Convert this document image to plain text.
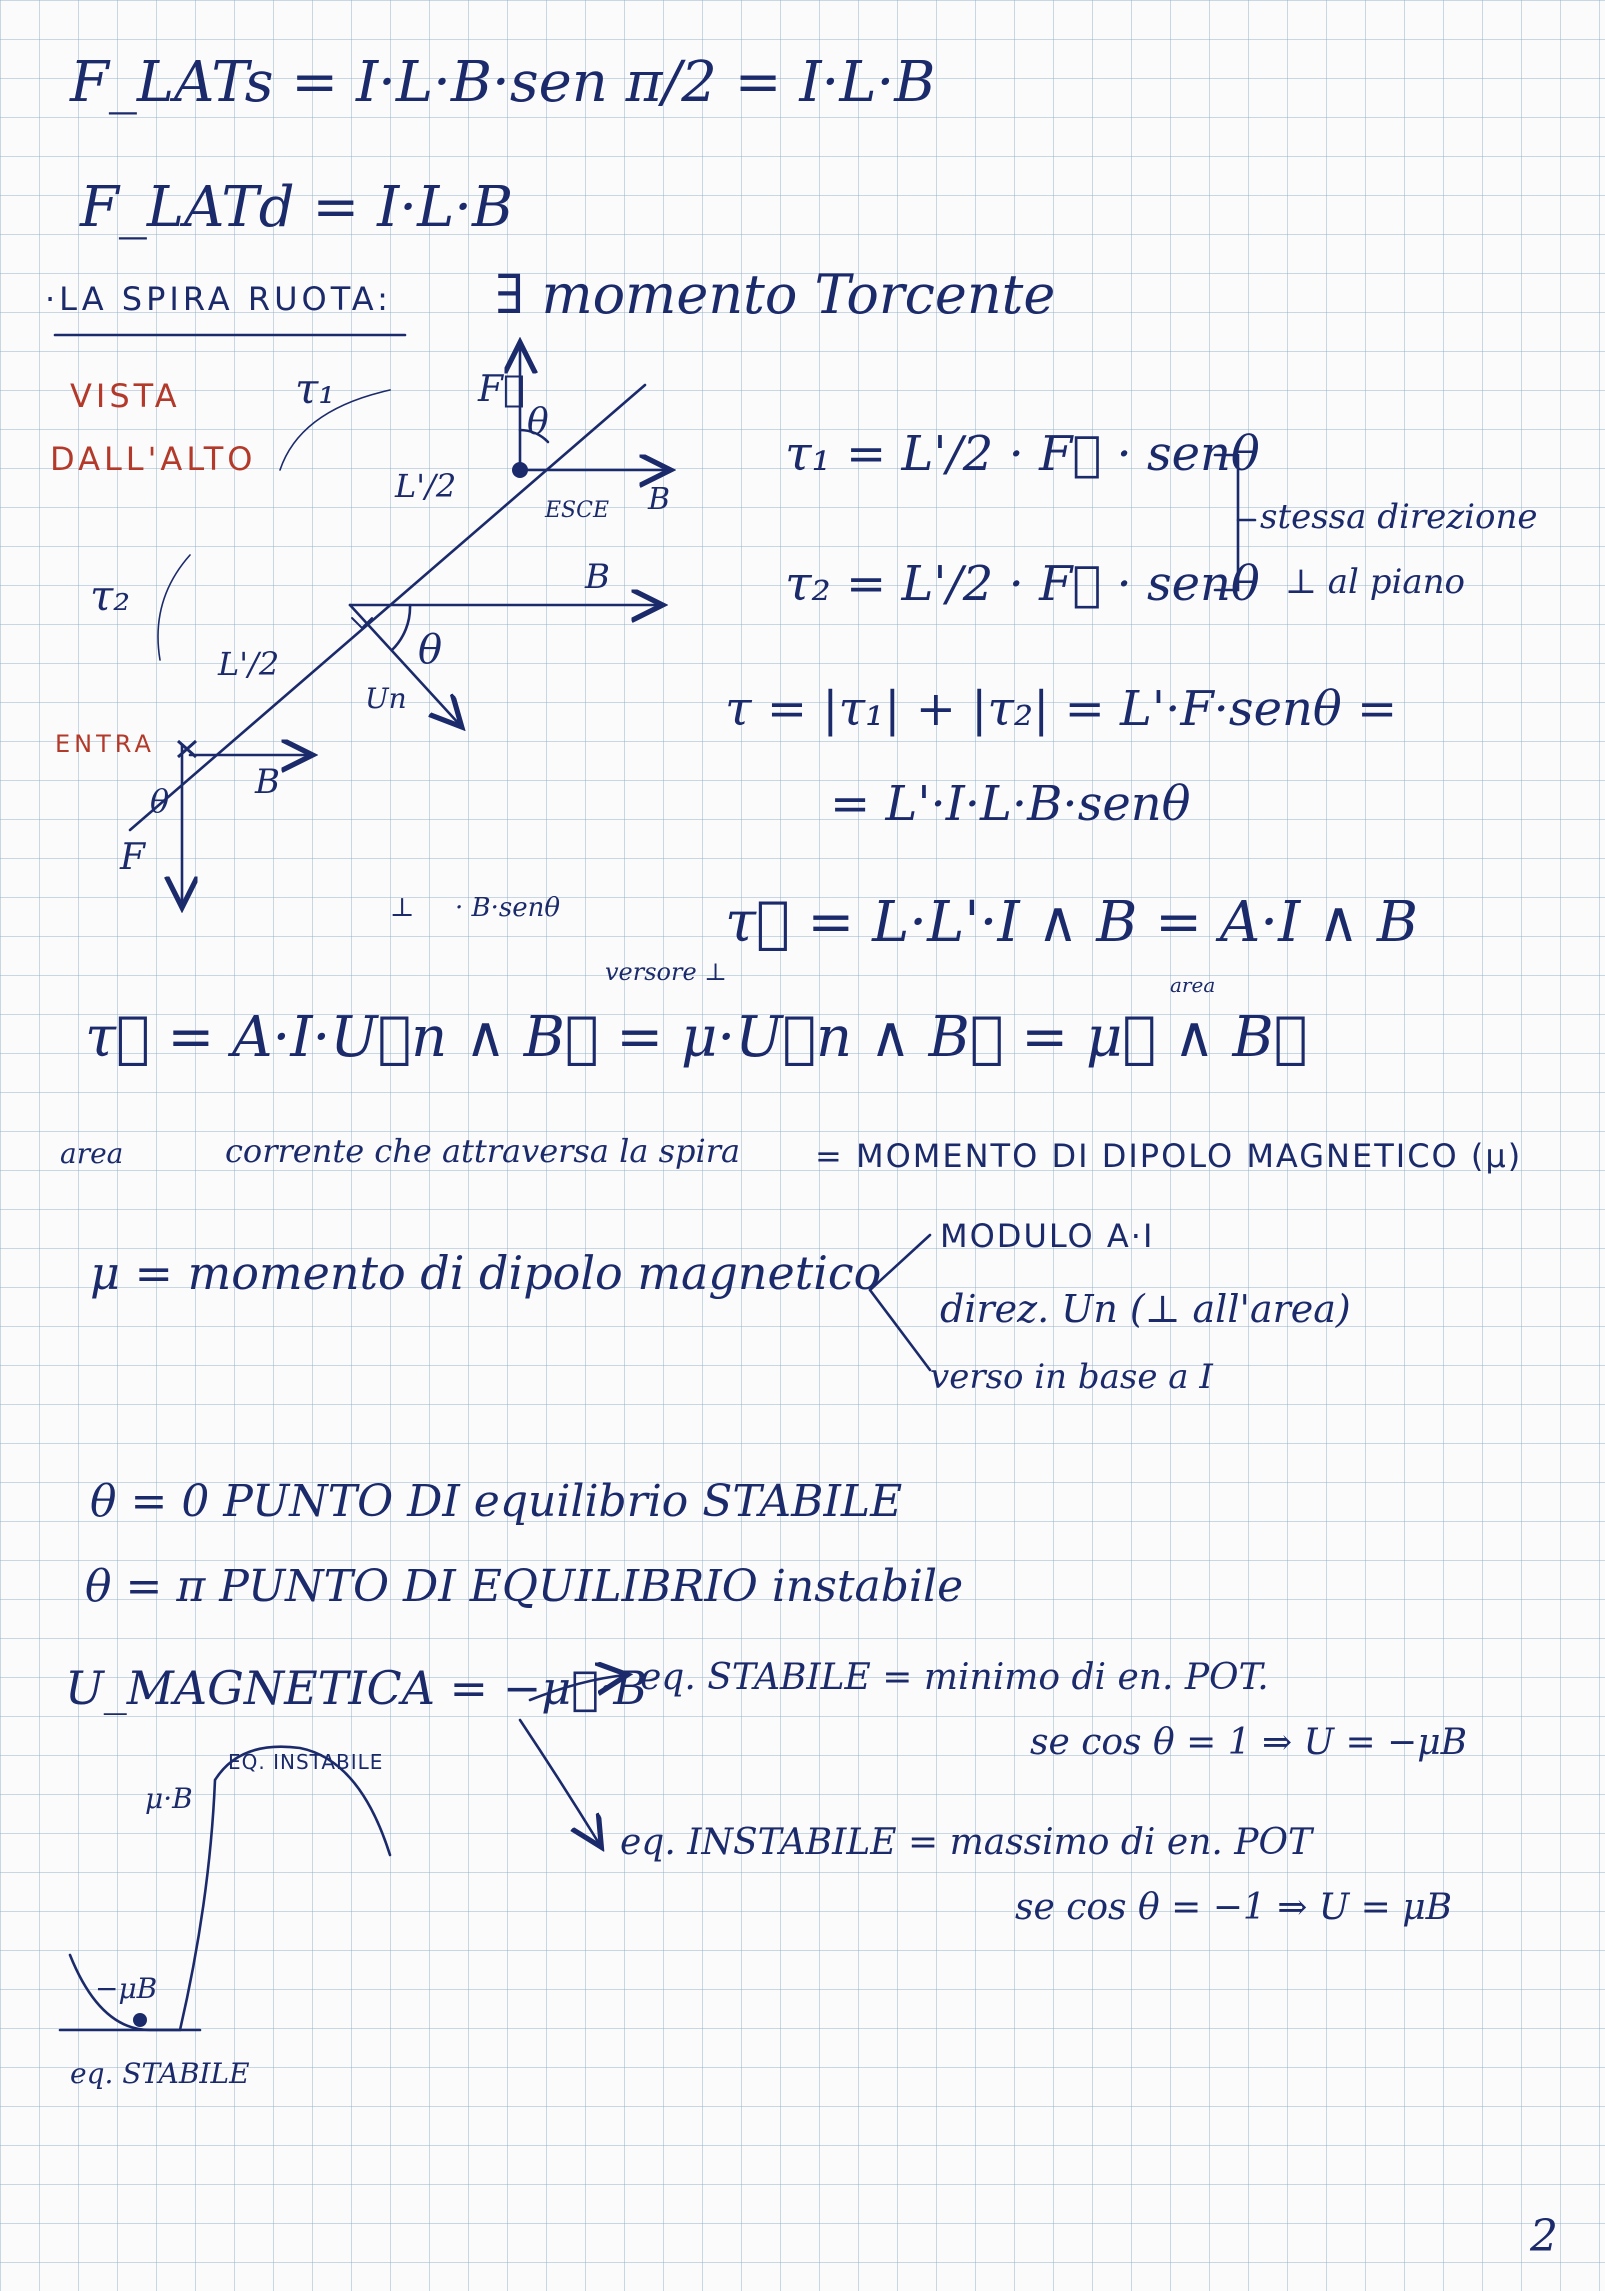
F_LATs = I·L·B·sen π/2 = I·L·B
F_LATd = I·L·B
·LA SPIRA RUOTA: ∃ momento Torcente
VISTA
DALL'ALTO
τ₁
τ₂
F⃗
θ
B
B
B
L'/2
L'/2
ESCE
ENTRA
θ
Un
θ
F
⊥ · B·senθ
versore ⊥
τ₁ = L'/2 · F⃗ · senθ
τ₂ = L'/2 · F⃗ · senθ
stessa direzione
⊥ al piano
τ = |τ₁| + |τ₂| = L'·F·senθ =
= L'·I·L·B·senθ
τ⃗ = L·L'·I ∧ B = A·I ∧ B
area
τ⃗ = A·I·U⃗n ∧ B⃗ = μ·U⃗n ∧ B⃗ = μ⃗ ∧ B⃗
area	corrente che attraversa la spira = MOMENTO DI DIPOLO MAGNETICO (μ)
μ = momento di dipolo magnetico
MODULO A·I
direz. Un (⊥ all'area)
verso in base a I
θ = 0 PUNTO DI equilibrio STABILE
θ = π PUNTO DI EQUILIBRIO instabile
U_MAGNETICA = −μ⃗·B
eq. STABILE = minimo di en. POT.
se cos θ = 1 ⇒ U = −μB
eq. INSTABILE = massimo di en. POT
se cos θ = −1 ⇒ U = μB
EQ. INSTABILE
μ·B
−μB
eq. STABILE
2
